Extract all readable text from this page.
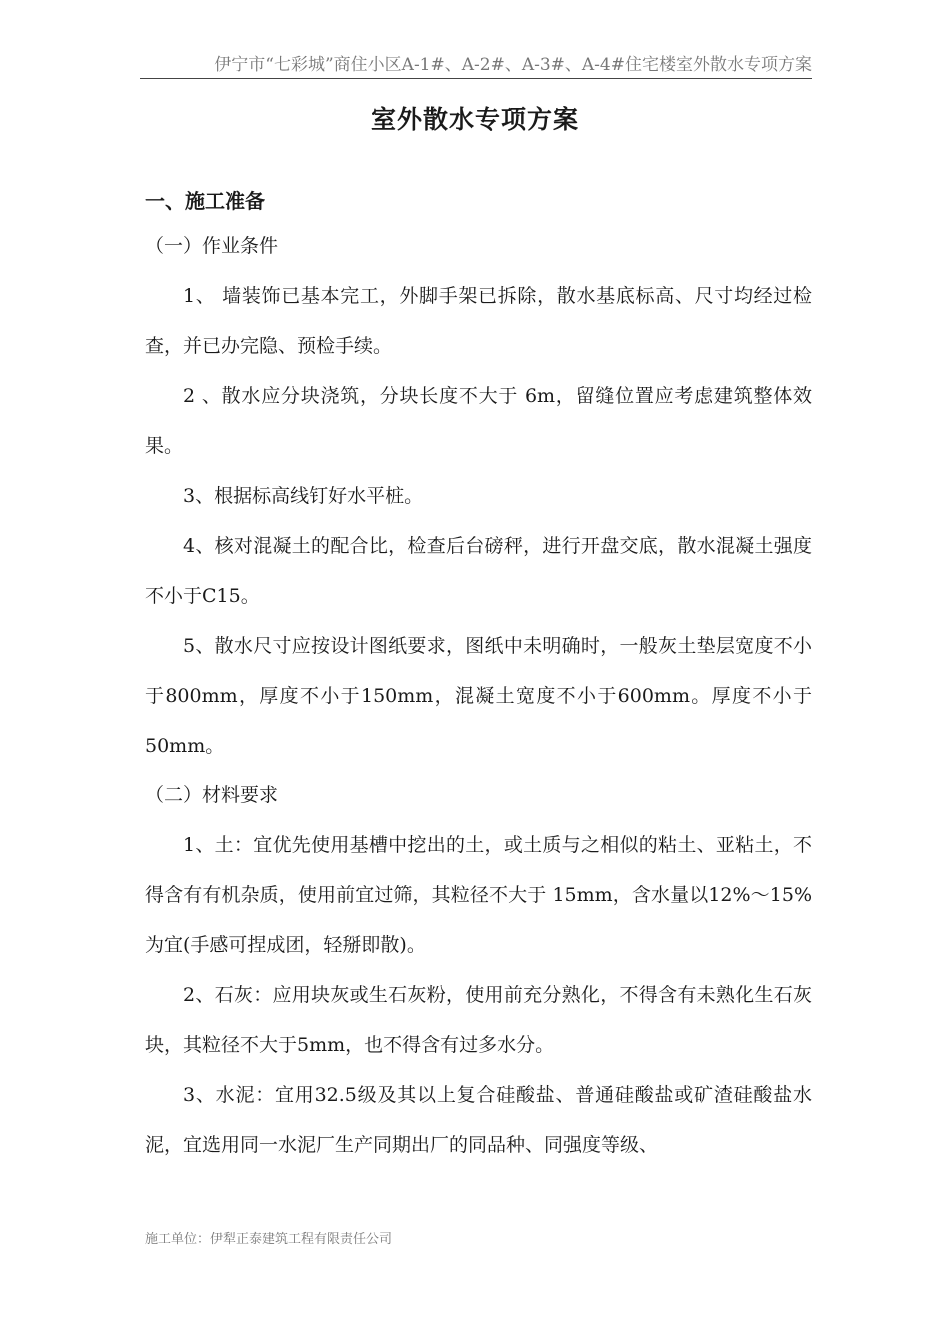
伊宁市“七彩城”商住小区A-1#、A-2#、A-3#、A-4#住宅楼室外散水专项方案
室外散水专项方案
一、施工准备
（一）作业条件

1、 墙装饰已基本完工，外脚手架已拆除，散水基底标高、尺寸均经过检查，并已办完隐、预检手续。

2 、散水应分块浇筑，分块长度不大于 6m，留缝位置应考虑建筑整体效果。

3、根据标高线钉好水平桩。

4、核对混凝土的配合比，检查后台磅秤，进行开盘交底，散水混凝土强度不小于C15。

5、散水尺寸应按设计图纸要求，图纸中未明确时，一般灰土垫层宽度不小于800mm，厚度不小于150mm，混凝土宽度不小于600mm。厚度不小于50mm。

（二）材料要求

1、土：宜优先使用基槽中挖出的土，或土质与之相似的粘土、亚粘土，不得含有有机杂质，使用前宜过筛，其粒径不大于 15mm，含水量以12%～15%为宜(手感可捏成团，轻掰即散)。

2、石灰：应用块灰或生石灰粉，使用前充分熟化，不得含有未熟化生石灰块，其粒径不大于5mm，也不得含有过多水分。

3、水泥：宜用32.5级及其以上复合硅酸盐、普通硅酸盐或矿渣硅酸盐水泥，宜选用同一水泥厂生产同期出厂的同品种、同强度等级、

施工单位：伊犁正泰建筑工程有限责任公司
